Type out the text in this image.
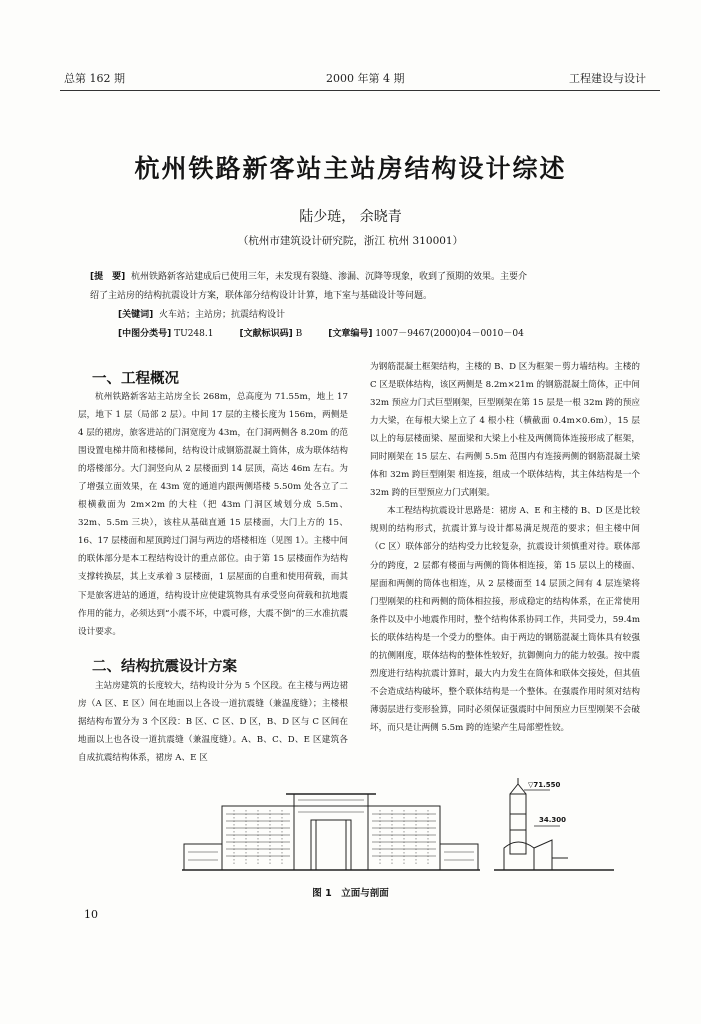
总第 162 期	2000 年第 4 期	工程建设与设计
杭州铁路新客站主站房结构设计综述
陆少琏， 余晓青
（杭州市建筑设计研究院，浙江 杭州 310001）
[提　要] 杭州铁路新客站建成后已使用三年，未发现有裂缝、渗漏、沉降等现象，收到了预期的效果。主要介
绍了主站房的结构抗震设计方案，联体部分结构设计计算，地下室与基础设计等问题。
[关键词] 火车站；主站房；抗震结构设计
[中图分类号] TU248.1	[文献标识码] B	[文章编号] 1007－9467(2000)04－0010－04
一、工程概况

杭州铁路新客站主站房全长 268m，总高度为 71.55m，地上 17 层，地下 1 层（局部 2 层）。中间 17 层的主楼长度为 156m，两侧是 4 层的裙房，旅客进站的门洞宽度为 43m，在门洞两侧各 8.20m 的范围设置电梯井筒和楼梯间，结构设计成钢筋混凝土筒体，成为联体结构的塔楼部分。大门洞竖向从 2 层楼面到 14 层顶，高达 46m 左右。为了增强立面效果，在 43m 宽的通道内跟两侧塔楼 5.50m 处各立了二根横截面为 2m×2m 的大柱（把 43m 门洞区域划分成 5.5m、32m、5.5m 三块），该柱从基础直通 15 层楼面，大门上方的 15、16、17 层楼面和屋顶跨过门洞与两边的塔楼相连（见图 1）。主楼中间的联体部分是本工程结构设计的重点部位。由于第 15 层楼面作为结构支撑转换层，其上支承着 3 层楼面，1 层屋面的自重和使用荷载，而其下是旅客进站的通道，结构设计应使建筑物具有承受竖向荷载和抗地震作用的能力，必须达到“小震不坏，中震可修，大震不倒”的三水准抗震设计要求。

二、结构抗震设计方案

主站房建筑的长度较大，结构设计分为 5 个区段。在主楼与两边裙房（A 区、E 区）间在地面以上各设一道抗震缝（兼温度缝）；主楼根据结构布置分为 3 个区段：B 区、C 区、D 区，B、D 区与 C 区间在地面以上也各设一道抗震缝（兼温度缝）。A、B、C、D、E 区建筑各自成抗震结构体系，裙房 A、E 区

为钢筋混凝土框架结构，主楼的 B、D 区为框架－剪力墙结构。主楼的 C 区是联体结构，该区两侧是 8.2m×21m 的钢筋混凝土筒体，正中间 32m 预应力门式巨型刚架，巨型刚架在第 15 层是一根 32m 跨的预应力大梁，在每根大梁上立了 4 根小柱（横截面 0.4m×0.6m），15 层以上的每层楼面梁、屋面梁和大梁上小柱及两侧筒体连接形成了框架，同时刚架在 15 层左、右两侧 5.5m 范围内有连接两侧的钢筋混凝土梁体和 32m 跨巨型刚架 相连接，组成一个联体结构，其主体结构是一个 32m 跨的巨型预应力门式刚架。

本工程结构抗震设计思路是：裙房 A、E 和主楼的 B、D 区是比较规则的结构形式，抗震计算与设计都易满足规范的要求；但主楼中间（C 区）联体部分的结构受力比较复杂，抗震设计须慎重对待。联体部分的跨度，2 层都有楼面与两侧的筒体相连接，第 15 层以上的楼面、屋面和两侧的筒体也相连，从 2 层楼面至 14 层顶之间有 4 层连梁将门型刚架的柱和两侧的筒体相拉接，形成稳定的结构体系，在正常使用条件以及中小地震作用时，整个结构体系协同工作，共同受力，59.4m 长的联体结构是一个受力的整体。由于两边的钢筋混凝土筒体具有较强的抗侧刚度，联体结构的整体性较好，抗御侧向力的能力较强。按中震烈度进行结构抗震计算时，最大内力发生在筒体和联体交接处，但其值不会造成结构破坏，整个联体结构是一个整体。在强震作用时须对结构薄弱层进行变形验算，同时必须保证强震时中间预应力巨型刚架不会破坏，而只是让两侧 5.5m 跨的连梁产生局部塑性铰。

▽71.550
34.300
图 1　立面与剖面
10
